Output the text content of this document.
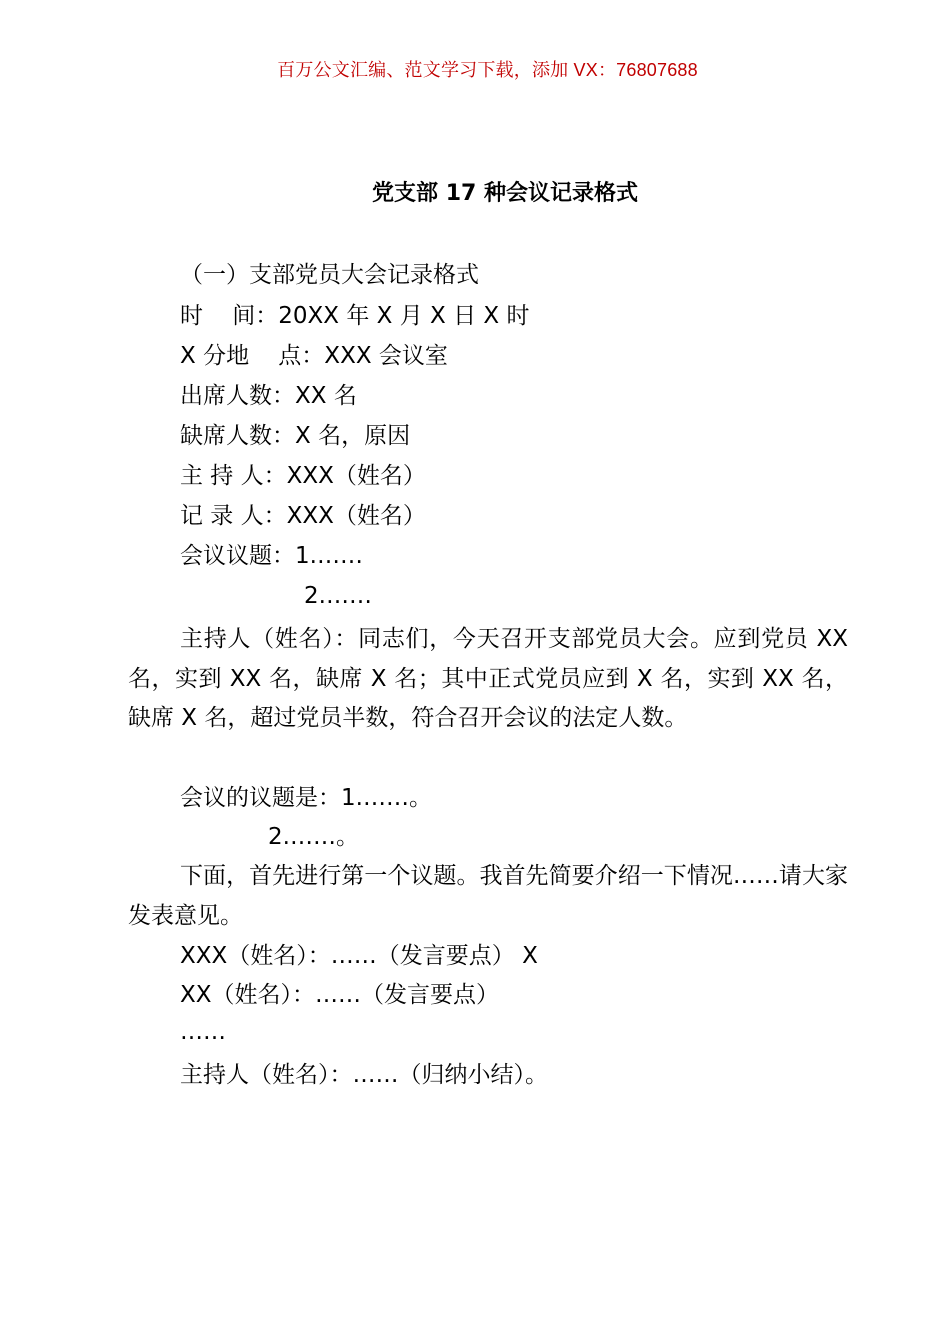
百万公文汇编、范文学习下载，添加 VX：76807688
党支部 17 种会议记录格式
（一）支部党员大会记录格式
时    间：20XX 年 X 月 X 日 X 时
X 分地    点：XXX 会议室
出席人数：XX 名
缺席人数：X 名，原因
主 持 人：XXX（姓名）
记 录 人：XXX（姓名）
会议议题：1.……
2.……
主持人（姓名）：同志们，今天召开支部党员大会。应到党员 XX 名，实到 XX 名，缺席 X 名；其中正式党员应到 X 名，实到 XX 名，缺席 X 名，超过党员半数，符合召开会议的法定人数。
会议的议题是：1.……。
2.……。
下面，首先进行第一个议题。我首先简要介绍一下情况……请大家发表意见。
XXX（姓名）：……（发言要点） X
XX（姓名）：……（发言要点）
……
主持人（姓名）：……（归纳小结）。
